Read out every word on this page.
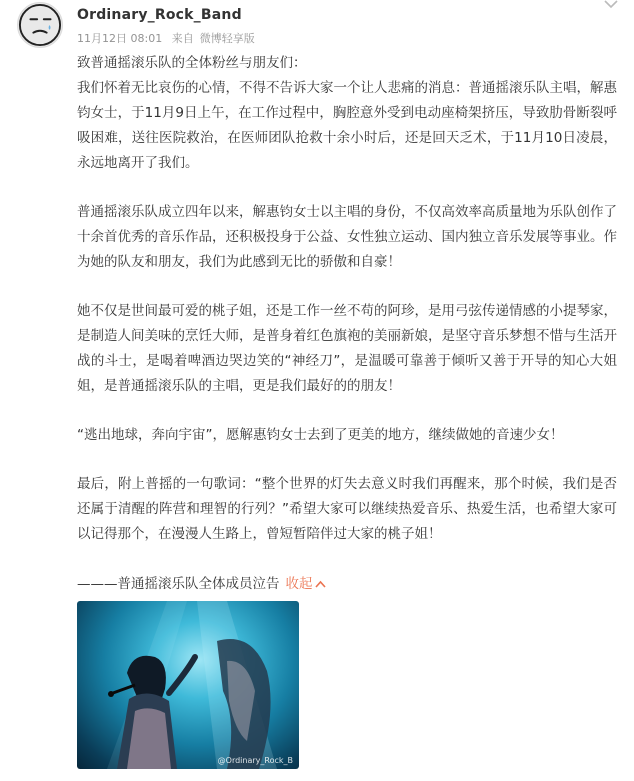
Ordinary_Rock_Band
11月12日 08:01 来自 微博轻享版

致普通摇滚乐队的全体粉丝与朋友们：

我们怀着无比哀伤的心情，不得不告诉大家一个让人悲痛的消息：普通摇滚乐队主唱，解惠钧女士，于11月9日上午，在工作过程中，胸腔意外受到电动座椅架挤压，导致肋骨断裂呼吸困难，送往医院救治，在医师团队抢救十余小时后，还是回天乏术，于11月10日凌晨，永远地离开了我们。

普通摇滚乐队成立四年以来，解惠钧女士以主唱的身份，不仅高效率高质量地为乐队创作了十余首优秀的音乐作品，还积极投身于公益、女性独立运动、国内独立音乐发展等事业。作为她的队友和朋友，我们为此感到无比的骄傲和自豪！

她不仅是世间最可爱的桃子姐，还是工作一丝不苟的阿珍，是用弓弦传递情感的小提琴家，是制造人间美味的烹饪大师，是普身着红色旗袍的美丽新娘，是坚守音乐梦想不惜与生活开战的斗士，是喝着啤酒边哭边笑的“神经刀”，是温暖可靠善于倾听又善于开导的知心大姐姐，是普通摇滚乐队的主唱，更是我们最好的的朋友！

“逃出地球，奔向宇宙”，愿解惠钧女士去到了更美的地方，继续做她的音速少女！

最后，附上普摇的一句歌词：“整个世界的灯失去意义时我们再醒来，那个时候，我们是否还属于清醒的阵营和理智的行列？”希望大家可以继续热爱音乐、热爱生活，也希望大家可以记得那个，在漫漫人生路上，曾短暂陪伴过大家的桃子姐！

———普通摇滚乐队全体成员泣告 收起
@Ordinary_Rock_B
